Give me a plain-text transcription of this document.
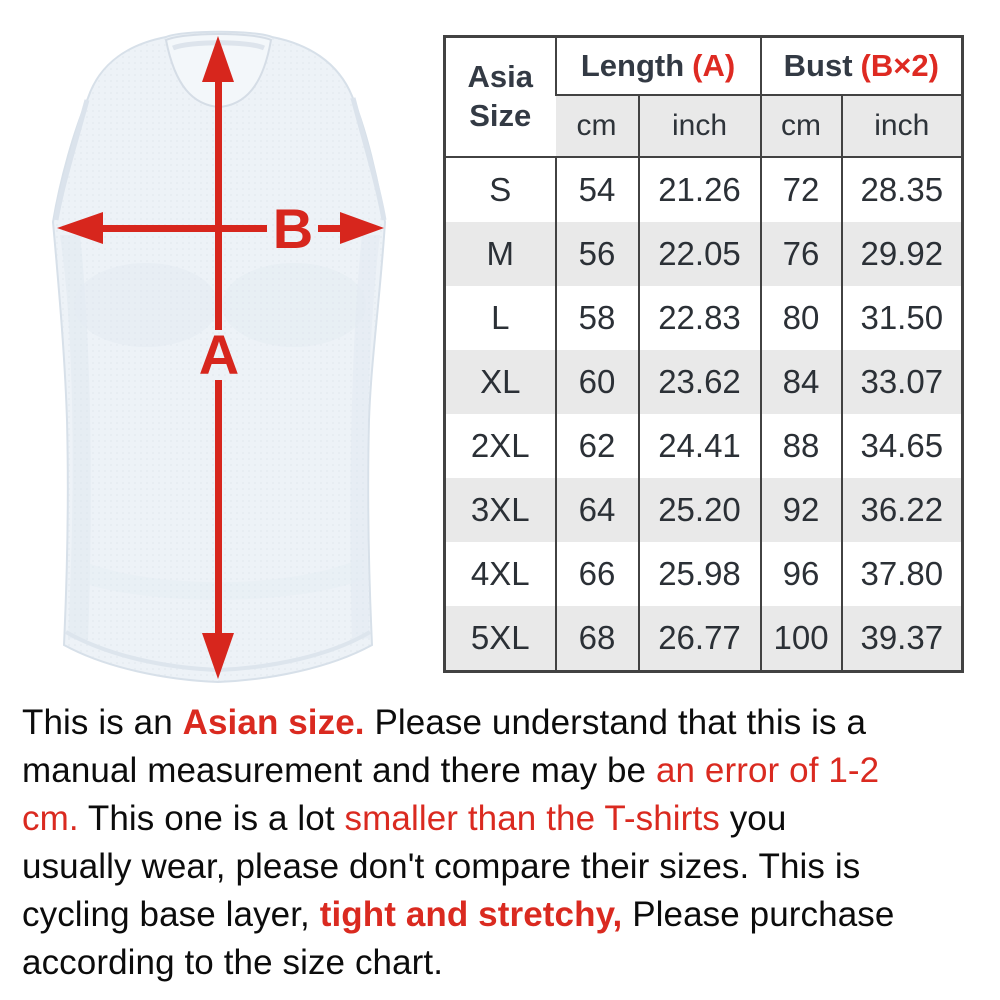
A
B
Asia Size	Length (A)		Bust (B×2)	
	cm	inch	cm	inch
S	54	21.26	72	28.35
M	56	22.05	76	29.92
L	58	22.83	80	31.50
XL	60	23.62	84	33.07
2XL	62	24.41	88	34.65
3XL	64	25.20	92	36.22
4XL	66	25.98	96	37.80
5XL	68	26.77	100	39.37
This is an Asian size. Please understand that this is a
manual measurement and there may be an error of 1-2
cm. This one is a lot smaller than the T-shirts you
usually wear, please don't compare their sizes. This is
cycling base layer, tight and stretchy, Please purchase
according to the size chart.
